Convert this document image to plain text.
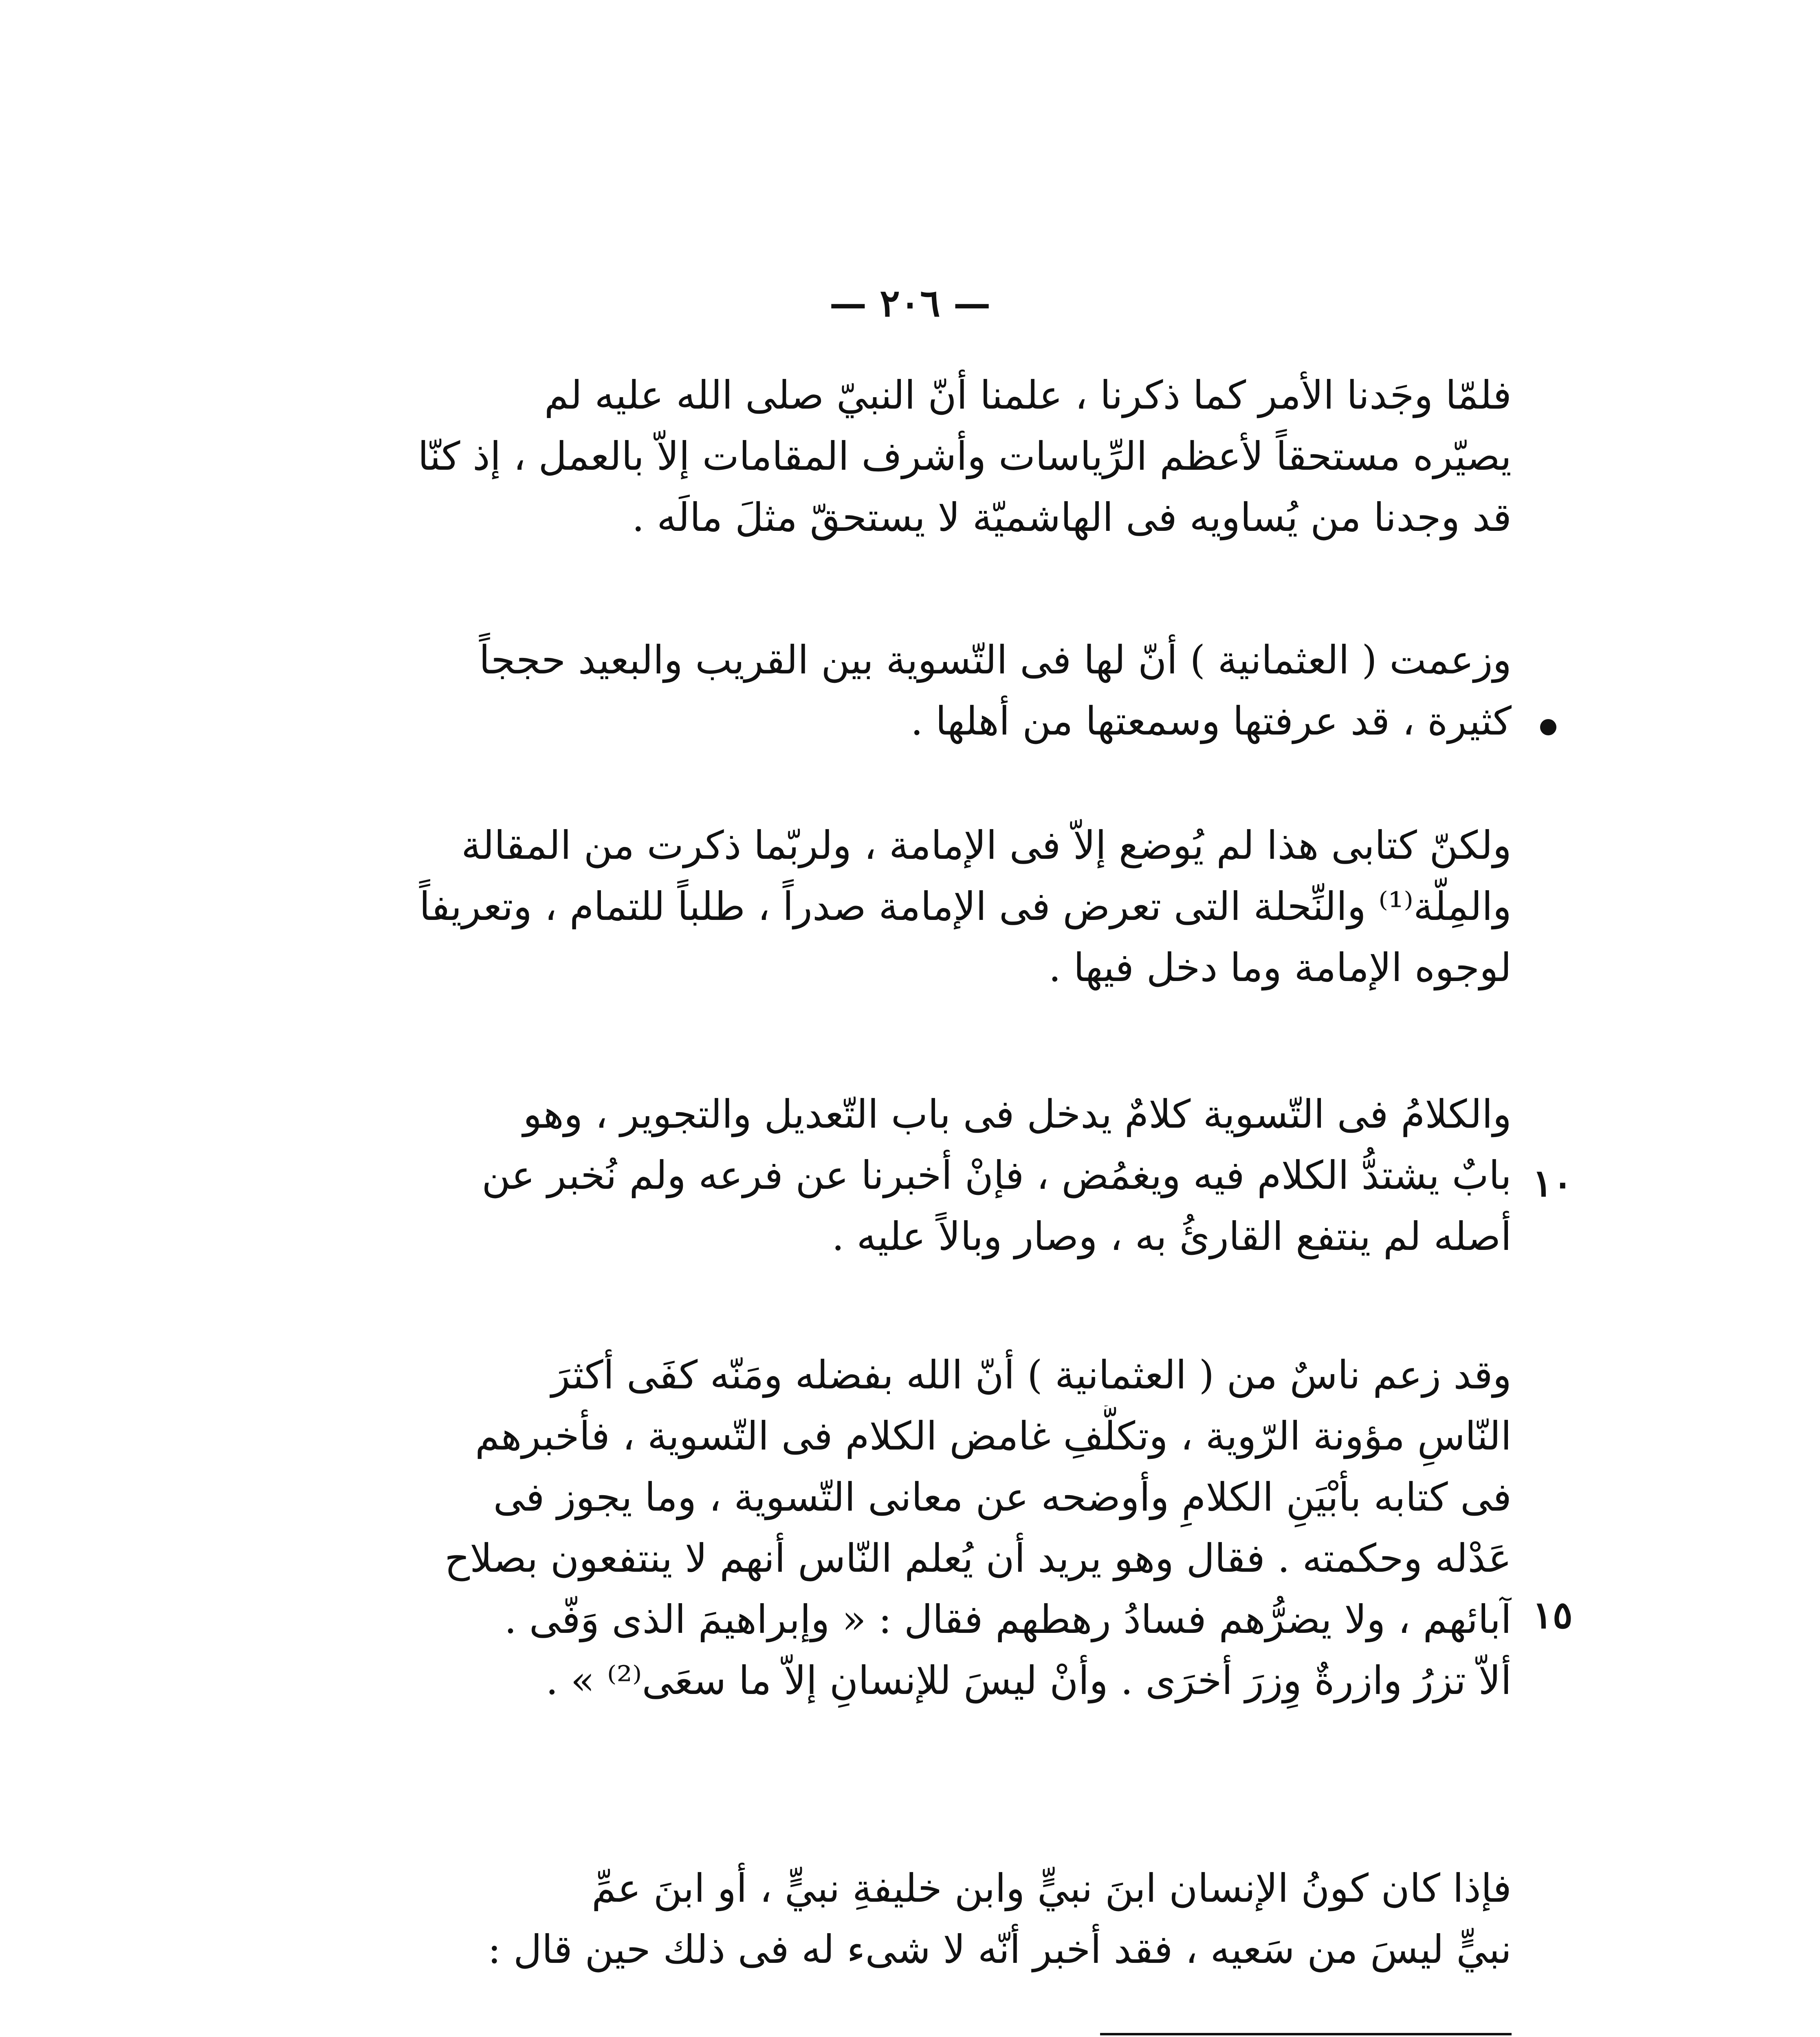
— ٢٠٦ —
فلمّا وجَدنا الأمر كما ذكرنا ، علمنا أنّ النبيّ صلى الله عليه لم
يصيّره مستحقاً لأعظم الرِّياسات وأشرف المقامات إلاّ بالعمل ، إذ كنّا
قد وجدنا من يُساويه فى الهاشميّة لا يستحقّ مثلَ مالَه .
وزعمت ( العثمانية ) أنّ لها فى التّسوية بين القريب والبعيد حججاً
كثيرة ، قد عرفتها وسمعتها من أهلها .
ولكنّ كتابى هذا لم يُوضع إلاّ فى الإمامة ، ولربّما ذكرت من المقالة
والمِلّة⁽¹⁾ والنِّحلة التى تعرض فى الإمامة صدراً ، طلباً للتمام ، وتعريفاً
لوجوه الإمامة وما دخل فيها .
والكلامُ فى التّسوية كلامٌ يدخل فى باب التّعديل والتجوير ، وهو
بابٌ يشتدُّ الكلام فيه ويغمُض ، فإنْ أخبرنا عن فرعه ولم نُخبر عن
أصله لم ينتفع القارئُ به ، وصار وبالاً عليه .
وقد زعم ناسٌ من ( العثمانية ) أنّ الله بفضله ومَنّه كفَى أكثرَ
النّاسِ مؤونة الرّوية ، وتكلُّفِ غامض الكلام فى التّسوية ، فأخبرهم
فى كتابه بأبْيَنِ الكلامِ وأوضحه عن معانى التّسوية ، وما يجوز فى
عَدْله وحكمته . فقال وهو يريد أن يُعلم النّاس أنهم لا ينتفعون بصلاح
آبائهم ، ولا يضرُّهم فسادُ رهطهم فقال : « وإبراهيمَ الذى وَفّى .
ألاّ تزرُ وازرةٌ وِزرَ أخرَى . وأنْ ليسَ للإنسانِ إلاّ ما سعَى⁽²⁾ » .
فإذا كان كونُ الإنسان ابنَ نبيٍّ وابن خليفةِ نبيٍّ ، أو ابنَ عمِّ
نبيٍّ ليسَ من سَعيه ، فقد أخبر أنّه لا شىء له فى ذلك حين قال :
١٠
١٥
